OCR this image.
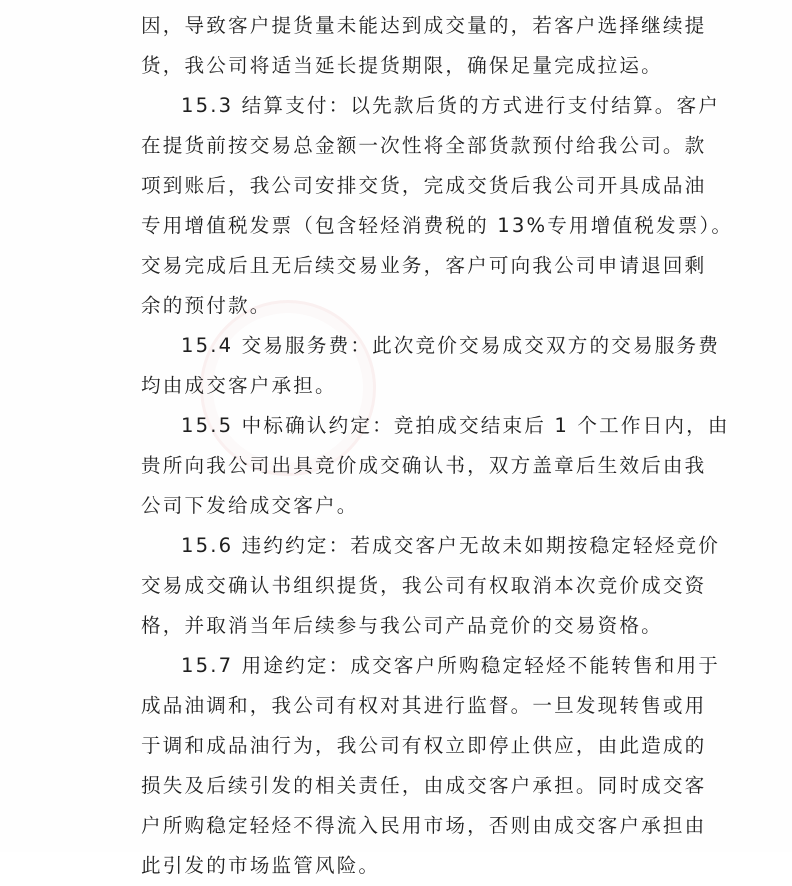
因，导致客户提货量未能达到成交量的，若客户选择继续提
货，我公司将适当延长提货期限，确保足量完成拉运。
15.3 结算支付：以先款后货的方式进行支付结算。客户
在提货前按交易总金额一次性将全部货款预付给我公司。款
项到账后，我公司安排交货，完成交货后我公司开具成品油
专用增值税发票（包含轻烃消费税的 13%专用增值税发票）。
交易完成后且无后续交易业务，客户可向我公司申请退回剩
余的预付款。
15.4 交易服务费：此次竞价交易成交双方的交易服务费
均由成交客户承担。
15.5 中标确认约定：竞拍成交结束后 1 个工作日内，由
贵所向我公司出具竞价成交确认书，双方盖章后生效后由我
公司下发给成交客户。
15.6 违约约定：若成交客户无故未如期按稳定轻烃竞价
交易成交确认书组织提货，我公司有权取消本次竞价成交资
格，并取消当年后续参与我公司产品竞价的交易资格。
15.7 用途约定：成交客户所购稳定轻烃不能转售和用于
成品油调和，我公司有权对其进行监督。一旦发现转售或用
于调和成品油行为，我公司有权立即停止供应，由此造成的
损失及后续引发的相关责任，由成交客户承担。同时成交客
户所购稳定轻烃不得流入民用市场，否则由成交客户承担由
此引发的市场监管风险。
